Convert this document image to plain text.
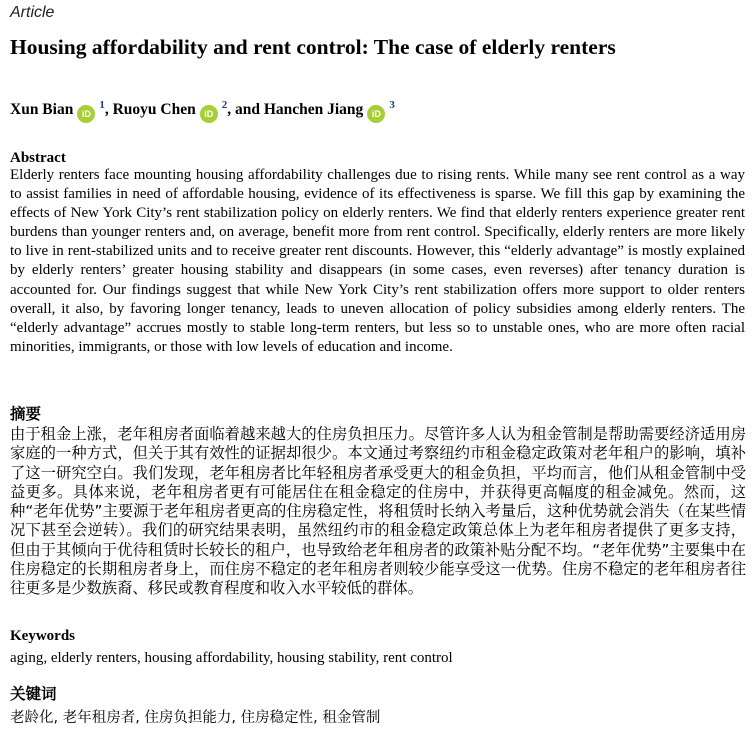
Article
Housing affordability and rent control: The case of elderly renters
Xun Bian iD$^1$, Ruoyu Chen iD$^2$, and Hanchen Jiang iD$^3$
Abstract
Elderly renters face mounting housing affordability challenges due to rising rents. While many see rent control as a way to assist families in need of affordable housing, evidence of its effectiveness is sparse. We fill this gap by examining the effects of New York City’s rent stabilization policy on elderly renters. We find that elderly renters experience greater rent burdens than younger renters and, on average, benefit more from rent control. Specifically, elderly renters are more likely to live in rent-stabilized units and to receive greater rent discounts. However, this “elderly advantage” is mostly explained by elderly renters’ greater housing stability and disappears (in some cases, even reverses) after tenancy duration is accounted for. Our findings suggest that while New York City’s rent stabilization offers more support to older renters overall, it also, by favoring longer tenancy, leads to uneven allocation of policy subsidies among elderly renters. The “elderly advantage” accrues mostly to stable long-term renters, but less so to unstable ones, who are more often racial minorities, immigrants, or those with low levels of education and income.
摘要
由于租金上涨，老年租房者面临着越来越大的住房负担压力。尽管许多人认为租金管制是帮助需要经济适用房家庭的一种方式，但关于其有效性的证据却很少。本文通过考察纽约市租金稳定政策对老年租户的影响，填补了这一研究空白。我们发现，老年租房者比年轻租房者承受更大的租金负担，平均而言，他们从租金管制中受益更多。具体来说，老年租房者更有可能居住在租金稳定的住房中，并获得更高幅度的租金减免。然而，这种“老年优势”主要源于老年租房者更高的住房稳定性，将租赁时长纳入考量后，这种优势就会消失（在某些情况下甚至会逆转）。我们的研究结果表明，虽然纽约市的租金稳定政策总体上为老年租房者提供了更多支持，但由于其倾向于优待租赁时长较长的租户，也导致给老年租房者的政策补贴分配不均。“老年优势”主要集中在住房稳定的长期租房者身上，而住房不稳定的老年租房者则较少能享受这一优势。住房不稳定的老年租房者往往更多是少数族裔、移民或教育程度和收入水平较低的群体。
Keywords
aging, elderly renters, housing affordability, housing stability, rent control
关键词
老龄化, 老年租房者, 住房负担能力, 住房稳定性, 租金管制
